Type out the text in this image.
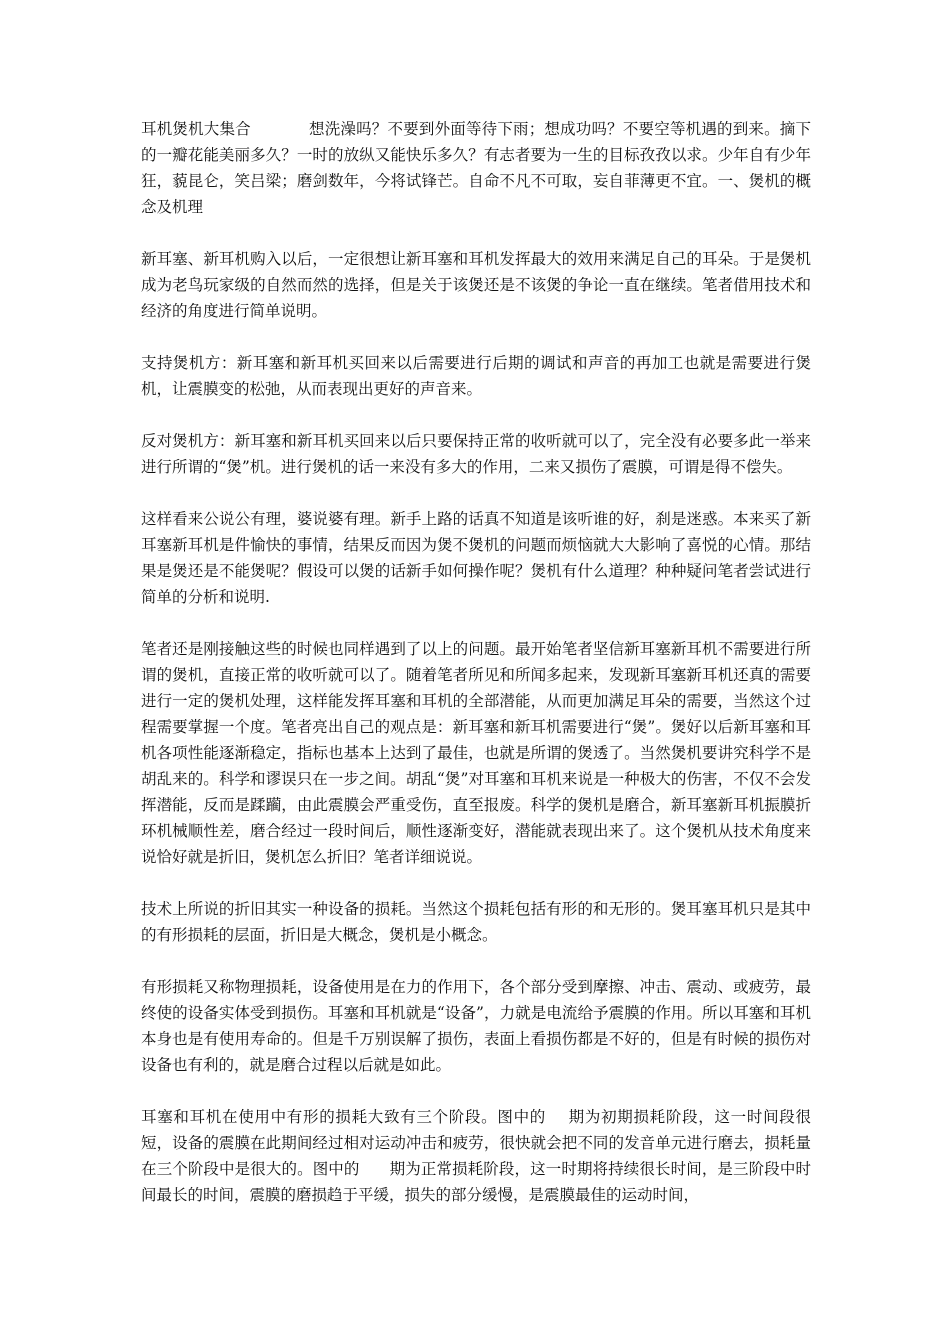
耳机煲机大集合	想洗澡吗？不要到外面等待下雨；想成功吗？不要空等机遇的到来。摘下的一瓣花能美丽多久？一时的放纵又能快乐多久？有志者要为一生的目标孜孜以求。少年自有少年狂，藐昆仑，笑吕梁；磨剑数年，今将试锋芒。自命不凡不可取，妄自菲薄更不宜。一、煲机的概念及机理

新耳塞、新耳机购入以后，一定很想让新耳塞和耳机发挥最大的效用来满足自己的耳朵。于是煲机成为老鸟玩家级的自然而然的选择，但是关于该煲还是不该煲的争论一直在继续。笔者借用技术和经济的角度进行简单说明。

支持煲机方：新耳塞和新耳机买回来以后需要进行后期的调试和声音的再加工也就是需要进行煲机，让震膜变的松弛，从而表现出更好的声音来。

反对煲机方：新耳塞和新耳机买回来以后只要保持正常的收听就可以了，完全没有必要多此一举来进行所谓的“煲”机。进行煲机的话一来没有多大的作用，二来又损伤了震膜，可谓是得不偿失。

这样看来公说公有理，婆说婆有理。新手上路的话真不知道是该听谁的好，刹是迷惑。本来买了新耳塞新耳机是件愉快的事情，结果反而因为煲不煲机的问题而烦恼就大大影响了喜悦的心情。那结果是煲还是不能煲呢？假设可以煲的话新手如何操作呢？煲机有什么道理？种种疑问笔者尝试进行简单的分析和说明.

笔者还是刚接触这些的时候也同样遇到了以上的问题。最开始笔者坚信新耳塞新耳机不需要进行所谓的煲机，直接正常的收听就可以了。随着笔者所见和所闻多起来，发现新耳塞新耳机还真的需要进行一定的煲机处理，这样能发挥耳塞和耳机的全部潜能，从而更加满足耳朵的需要，当然这个过程需要掌握一个度。笔者亮出自己的观点是：新耳塞和新耳机需要进行“煲”。煲好以后新耳塞和耳机各项性能逐渐稳定，指标也基本上达到了最佳，也就是所谓的煲透了。当然煲机要讲究科学不是胡乱来的。科学和谬误只在一步之间。胡乱“煲”对耳塞和耳机来说是一种极大的伤害，不仅不会发挥潜能，反而是蹂躏，由此震膜会严重受伤，直至报废。科学的煲机是磨合，新耳塞新耳机振膜折环机械顺性差，磨合经过一段时间后，顺性逐渐变好，潜能就表现出来了。这个煲机从技术角度来说恰好就是折旧，煲机怎么折旧？笔者详细说说。

技术上所说的折旧其实一种设备的损耗。当然这个损耗包括有形的和无形的。煲耳塞耳机只是其中的有形损耗的层面，折旧是大概念，煲机是小概念。

有形损耗又称物理损耗，设备使用是在力的作用下，各个部分受到摩擦、冲击、震动、或疲劳，最终使的设备实体受到损伤。耳塞和耳机就是“设备”，力就是电流给予震膜的作用。所以耳塞和耳机本身也是有使用寿命的。但是千万别误解了损伤，表面上看损伤都是不好的，但是有时候的损伤对设备也有利的，就是磨合过程以后就是如此。

耳塞和耳机在使用中有形的损耗大致有三个阶段。图中的 期为初期损耗阶段，这一时间段很短，设备的震膜在此期间经过相对运动冲击和疲劳，很快就会把不同的发音单元进行磨去，损耗量在三个阶段中是很大的。图中的 期为正常损耗阶段，这一时期将持续很长时间，是三阶段中时间最长的时间，震膜的磨损趋于平缓，损失的部分缓慢，是震膜最佳的运动时间，
